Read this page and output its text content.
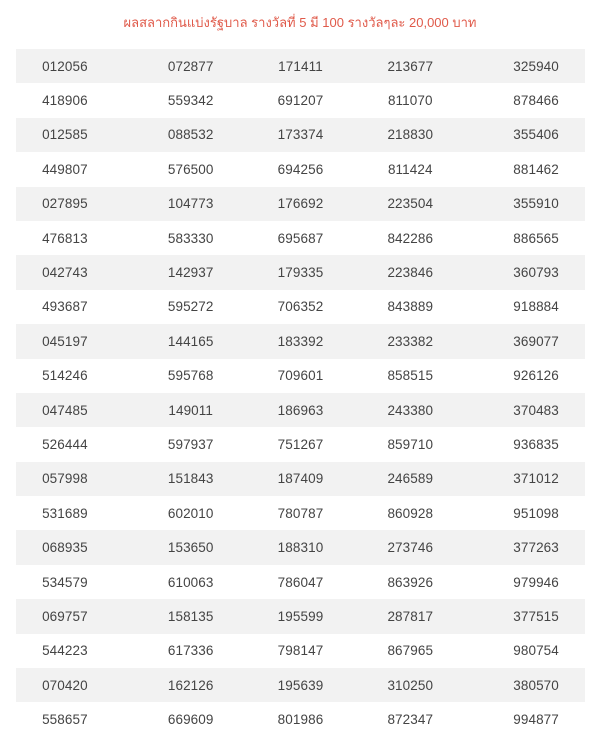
ผลสลากกินแบ่งรัฐบาล รางวัลที่ 5 มี 100 รางวัลๆละ 20,000 บาท
012056	072877	171411	213677	325940
418906	559342	691207	811070	878466
012585	088532	173374	218830	355406
449807	576500	694256	811424	881462
027895	104773	176692	223504	355910
476813	583330	695687	842286	886565
042743	142937	179335	223846	360793
493687	595272	706352	843889	918884
045197	144165	183392	233382	369077
514246	595768	709601	858515	926126
047485	149011	186963	243380	370483
526444	597937	751267	859710	936835
057998	151843	187409	246589	371012
531689	602010	780787	860928	951098
068935	153650	188310	273746	377263
534579	610063	786047	863926	979946
069757	158135	195599	287817	377515
544223	617336	798147	867965	980754
070420	162126	195639	310250	380570
558657	669609	801986	872347	994877
